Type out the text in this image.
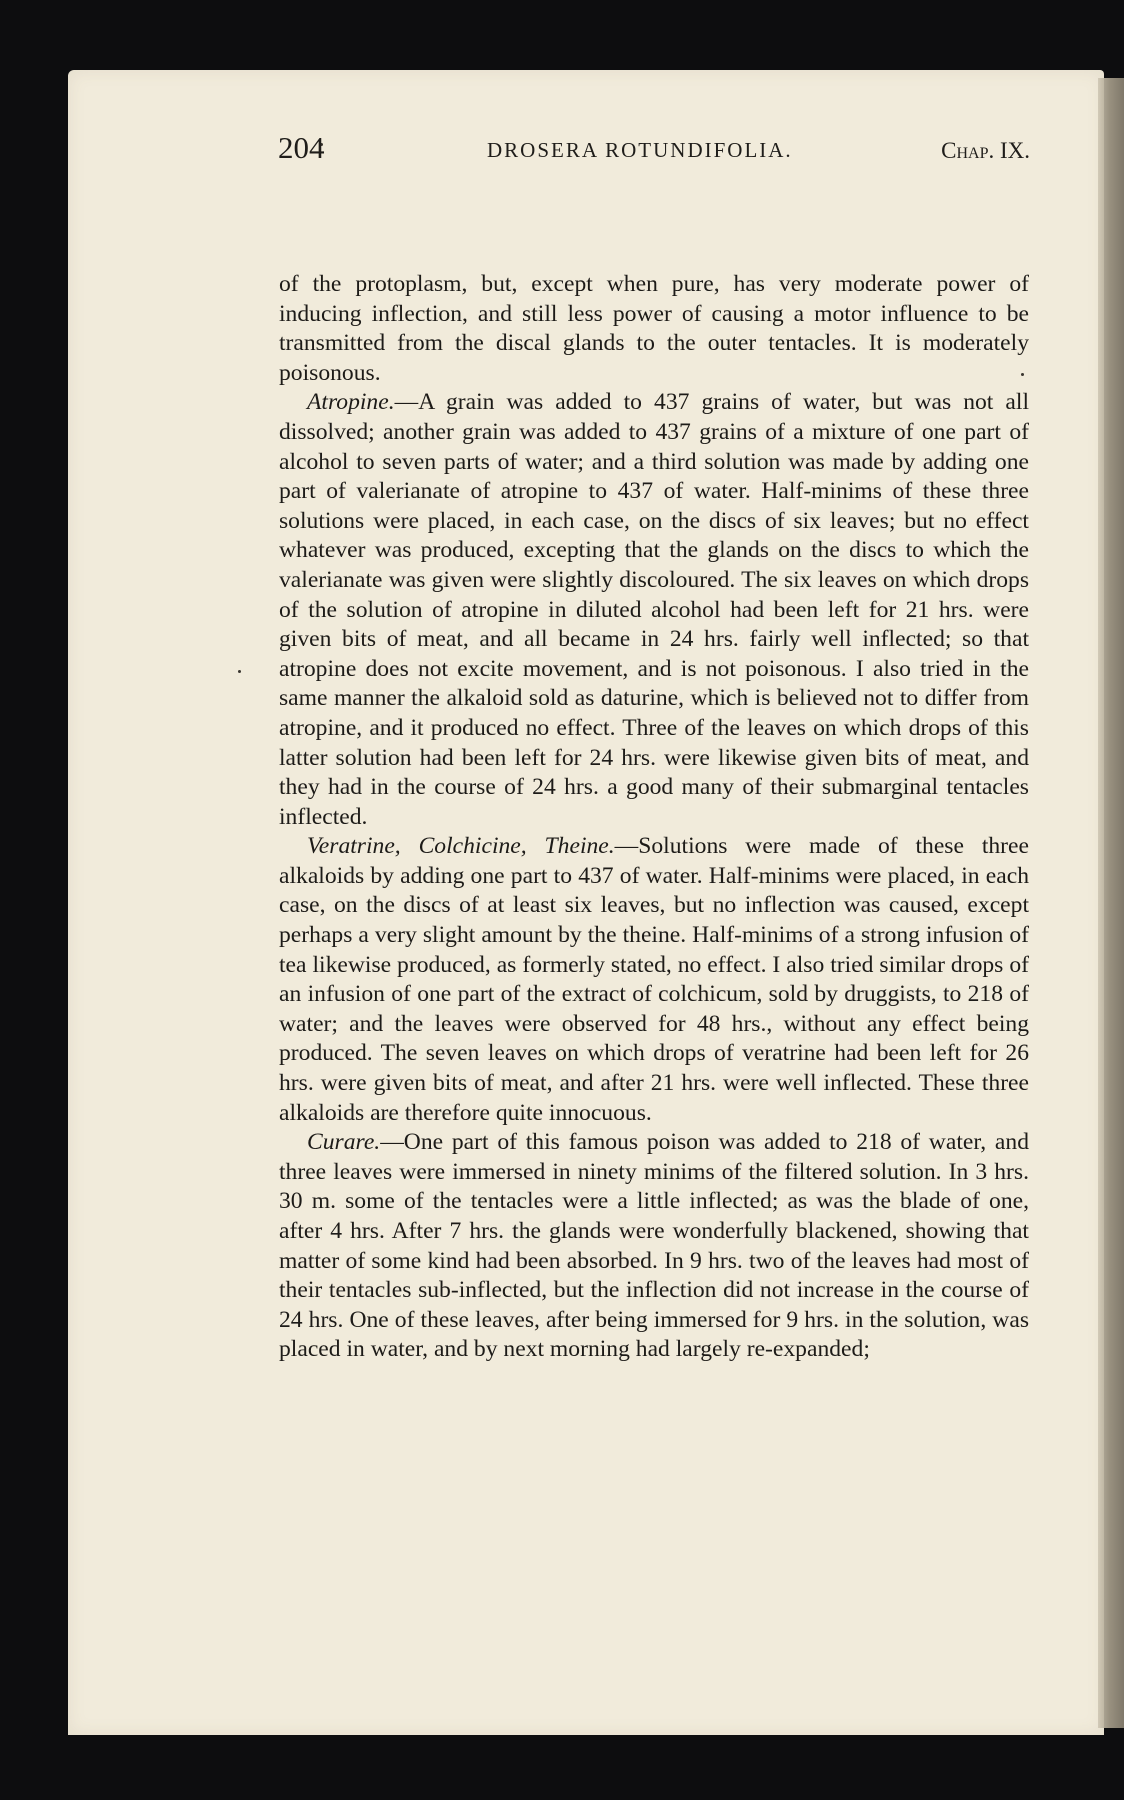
204	DROSERA ROTUNDIFOLIA.	Chap. IX.

of the protoplasm, but, except when pure, has very moderate power of inducing inflection, and still less power of causing a motor influence to be transmitted from the discal glands to the outer tentacles. It is moderately poisonous.

Atropine.—A grain was added to 437 grains of water, but was not all dissolved; another grain was added to 437 grains of a mixture of one part of alcohol to seven parts of water; and a third solution was made by adding one part of valerianate of atropine to 437 of water. Half-minims of these three solutions were placed, in each case, on the discs of six leaves; but no effect whatever was produced, excepting that the glands on the discs to which the valerianate was given were slightly discoloured. The six leaves on which drops of the solution of atropine in diluted alcohol had been left for 21 hrs. were given bits of meat, and all became in 24 hrs. fairly well inflected; so that atropine does not excite movement, and is not poisonous. I also tried in the same manner the alkaloid sold as daturine, which is believed not to differ from atropine, and it produced no effect. Three of the leaves on which drops of this latter solution had been left for 24 hrs. were likewise given bits of meat, and they had in the course of 24 hrs. a good many of their submarginal tentacles inflected.

Veratrine, Colchicine, Theine.—Solutions were made of these three alkaloids by adding one part to 437 of water. Half-minims were placed, in each case, on the discs of at least six leaves, but no inflection was caused, except perhaps a very slight amount by the theine. Half-minims of a strong infusion of tea likewise produced, as formerly stated, no effect. I also tried similar drops of an infusion of one part of the extract of colchicum, sold by druggists, to 218 of water; and the leaves were observed for 48 hrs., without any effect being produced. The seven leaves on which drops of veratrine had been left for 26 hrs. were given bits of meat, and after 21 hrs. were well inflected. These three alkaloids are therefore quite innocuous.

Curare.—One part of this famous poison was added to 218 of water, and three leaves were immersed in ninety minims of the filtered solution. In 3 hrs. 30 m. some of the tentacles were a little inflected; as was the blade of one, after 4 hrs. After 7 hrs. the glands were wonderfully blackened, showing that matter of some kind had been absorbed. In 9 hrs. two of the leaves had most of their tentacles sub-inflected, but the inflection did not increase in the course of 24 hrs. One of these leaves, after being immersed for 9 hrs. in the solution, was placed in water, and by next morning had largely re-expanded;
